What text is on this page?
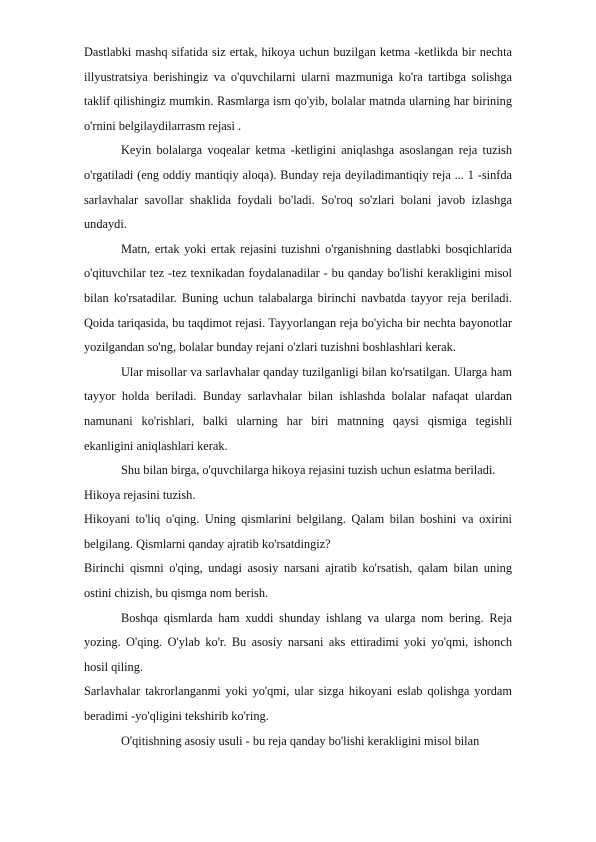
Dastlabki mashq sifatida siz ertak, hikoya uchun buzilgan ketma -ketlikda bir nechta illyustratsiya berishingiz va o'quvchilarni ularni mazmuniga ko'ra tartibga solishga taklif qilishingiz mumkin. Rasmlarga ism qo'yib, bolalar matnda ularning har birining o'rnini belgilaydilarrasm rejasi .

Keyin bolalarga voqealar ketma -ketligini aniqlashga asoslangan reja tuzish o'rgatiladi (eng oddiy mantiqiy aloqa). Bunday reja deyiladimantiqiy reja ... 1 -sinfda sarlavhalar savollar shaklida foydali bo'ladi. So'roq so'zlari bolani javob izlashga undaydi.

Matn, ertak yoki ertak rejasini tuzishni o'rganishning dastlabki bosqichlarida o'qituvchilar tez -tez texnikadan foydalanadilar - bu qanday bo'lishi kerakligini misol bilan ko'rsatadilar. Buning uchun talabalarga birinchi navbatda tayyor reja beriladi. Qoida tariqasida, bu taqdimot rejasi. Tayyorlangan reja bo'yicha bir nechta bayonotlar yozilgandan so'ng, bolalar bunday rejani o'zlari tuzishni boshlashlari kerak.

Ular misollar va sarlavhalar qanday tuzilganligi bilan ko'rsatilgan. Ularga ham tayyor holda beriladi. Bunday sarlavhalar bilan ishlashda bolalar nafaqat ulardan namunani ko'rishlari, balki ularning har biri matnning qaysi qismiga tegishli ekanligini aniqlashlari kerak.

Shu bilan birga, o'quvchilarga hikoya rejasini tuzish uchun eslatma beriladi.

Hikoya rejasini tuzish.

Hikoyani to'liq o'qing. Uning qismlarini belgilang. Qalam bilan boshini va oxirini belgilang. Qismlarni qanday ajratib ko'rsatdingiz?

Birinchi qismni o'qing, undagi asosiy narsani ajratib ko'rsatish, qalam bilan uning ostini chizish, bu qismga nom berish.

Boshqa qismlarda ham xuddi shunday ishlang va ularga nom bering. Reja yozing. O'qing. O'ylab ko'r. Bu asosiy narsani aks ettiradimi yoki yo'qmi, ishonch hosil qiling.

Sarlavhalar takrorlanganmi yoki yo'qmi, ular sizga hikoyani eslab qolishga yordam beradimi -yo'qligini tekshirib ko'ring.

O'qitishning asosiy usuli - bu reja qanday bo'lishi kerakligini misol bilan
